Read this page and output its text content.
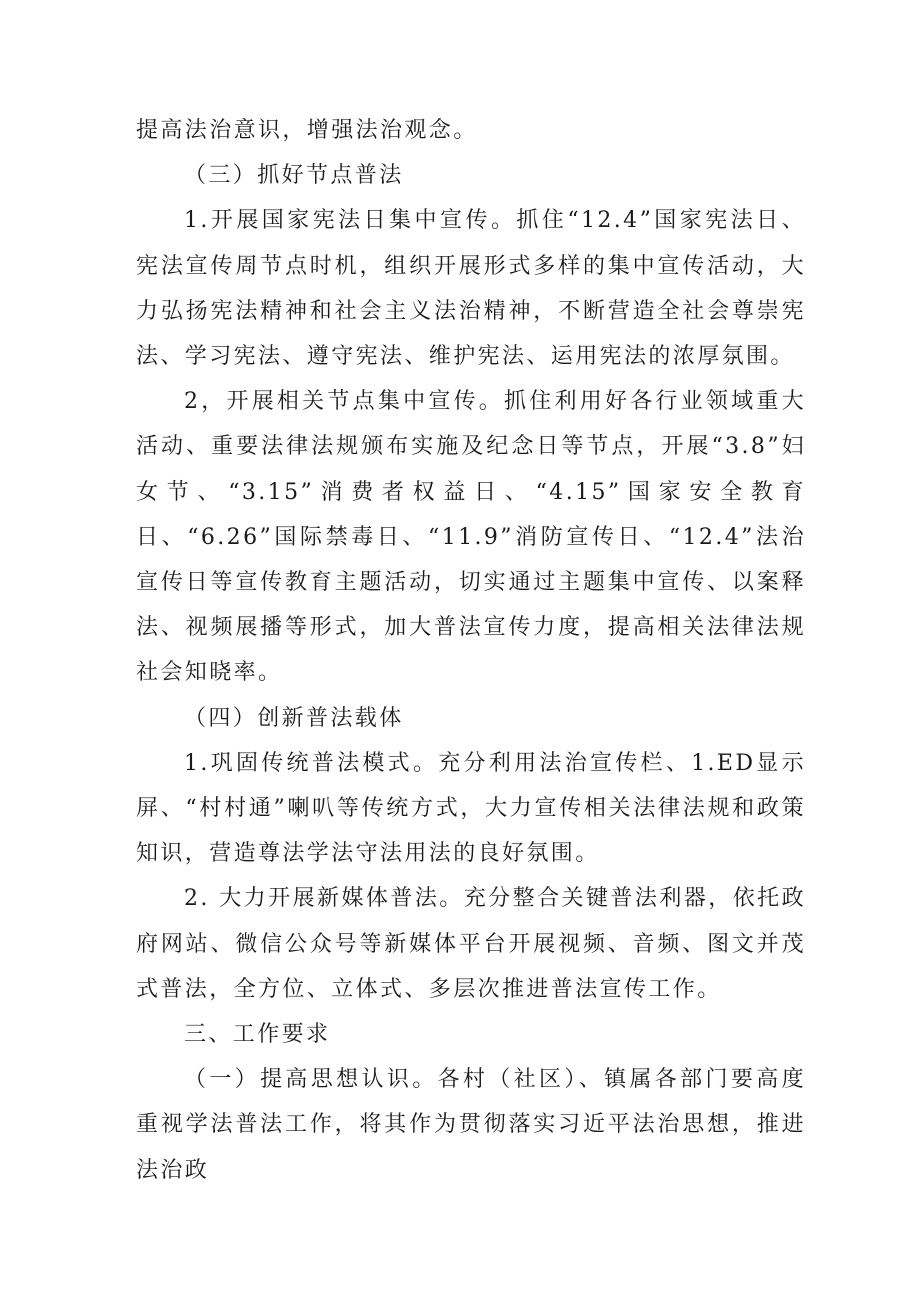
提高法治意识，增强法治观念。

（三）抓好节点普法

1.开展国家宪法日集中宣传。抓住“12.4”国家宪法日、宪法宣传周节点时机，组织开展形式多样的集中宣传活动，大力弘扬宪法精神和社会主义法治精神，不断营造全社会尊崇宪法、学习宪法、遵守宪法、维护宪法、运用宪法的浓厚氛围。

2，开展相关节点集中宣传。抓住利用好各行业领域重大活动、重要法律法规颁布实施及纪念日等节点，开展“3.8”妇女节、“3.15”消费者权益日、“4.15”国家安全教育日、“6.26”国际禁毒日、“11.9”消防宣传日、“12.4”法治宣传日等宣传教育主题活动，切实通过主题集中宣传、以案释法、视频展播等形式，加大普法宣传力度，提高相关法律法规社会知晓率。

（四）创新普法载体

1.巩固传统普法模式。充分利用法治宣传栏、1.ED显示屏、“村村通”喇叭等传统方式，大力宣传相关法律法规和政策知识，营造尊法学法守法用法的良好氛围。

2. 大力开展新媒体普法。充分整合关键普法利器，依托政府网站、微信公众号等新媒体平台开展视频、音频、图文并茂式普法，全方位、立体式、多层次推进普法宣传工作。

三、工作要求

（一）提高思想认识。各村（社区）、镇属各部门要高度重视学法普法工作，将其作为贯彻落实习近平法治思想，推进法治政
